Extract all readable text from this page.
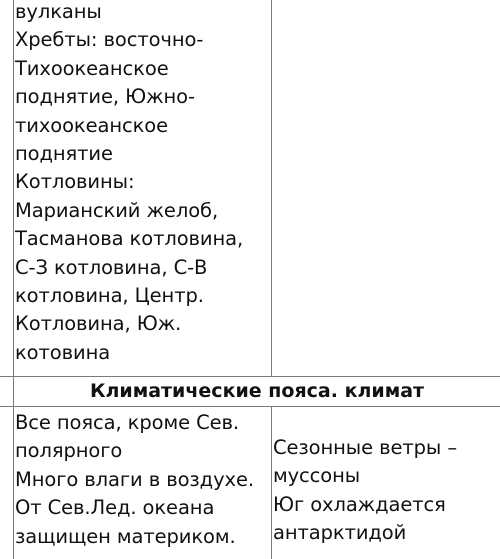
вулканы
Хребты: восточно-
Тихоокеанское
поднятие, Южно-
тихоокеанское
поднятие
Котловины:
Марианский желоб,
Тасманова котловина,
С-З котловина, С-В
котловина, Центр.
Котловина, Юж.
котовина
Климатические пояса. климат
Все пояса, кроме Сев.
полярного
Много влаги в воздухе.
От Сев.Лед. океана
защищен материком.
Сезонные ветры –
муссоны
Юг охлаждается
антарктидой
